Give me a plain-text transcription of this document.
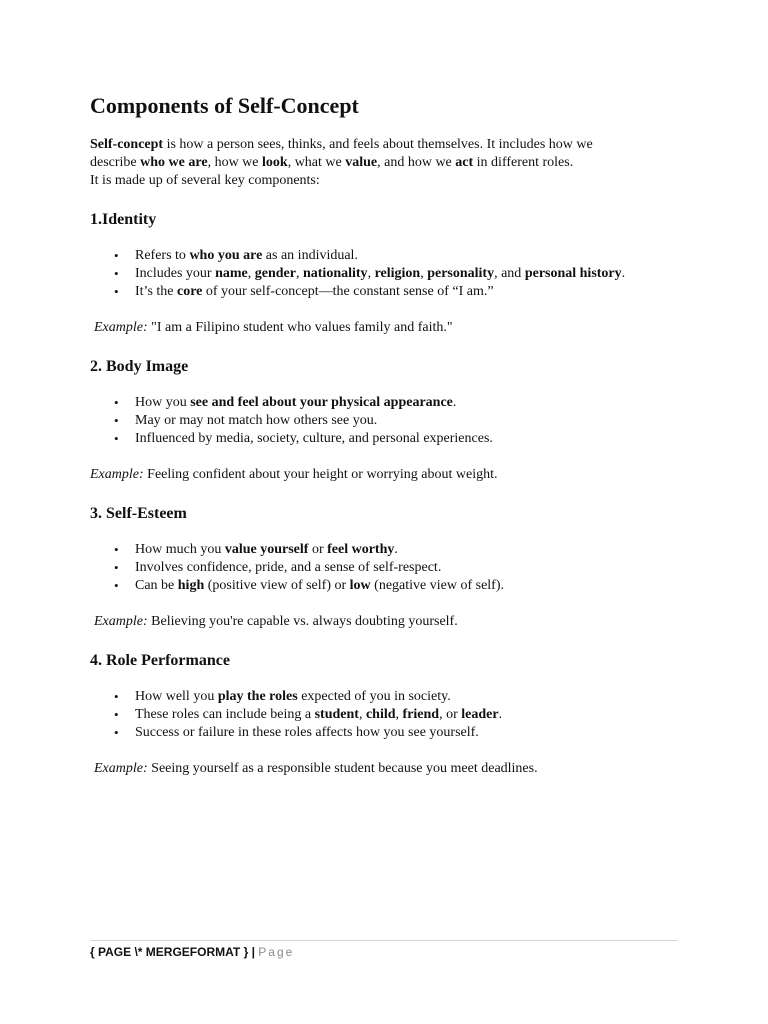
Components of Self-Concept

Self-concept is how a person sees, thinks, and feels about themselves. It includes how we

describe who we are, how we look, what we value, and how we act in different roles.

It is made up of several key components:

1.Identity
• Refers to who you are as an individual.
• Includes your name, gender, nationality, religion, personality, and personal history.
• It’s the core of your self-concept—the constant sense of “I am.”

Example: "I am a Filipino student who values family and faith."

2. Body Image
• How you see and feel about your physical appearance.
• May or may not match how others see you.
• Influenced by media, society, culture, and personal experiences.

Example: Feeling confident about your height or worrying about weight.

3. Self-Esteem
• How much you value yourself or feel worthy.
• Involves confidence, pride, and a sense of self-respect.
• Can be high (positive view of self) or low (negative view of self).

Example: Believing you're capable vs. always doubting yourself.

4. Role Performance
• How well you play the roles expected of you in society.
• These roles can include being a student, child, friend, or leader.
• Success or failure in these roles affects how you see yourself.

Example: Seeing yourself as a responsible student because you meet deadlines.

{ PAGE \* MERGEFORMAT } | Page
